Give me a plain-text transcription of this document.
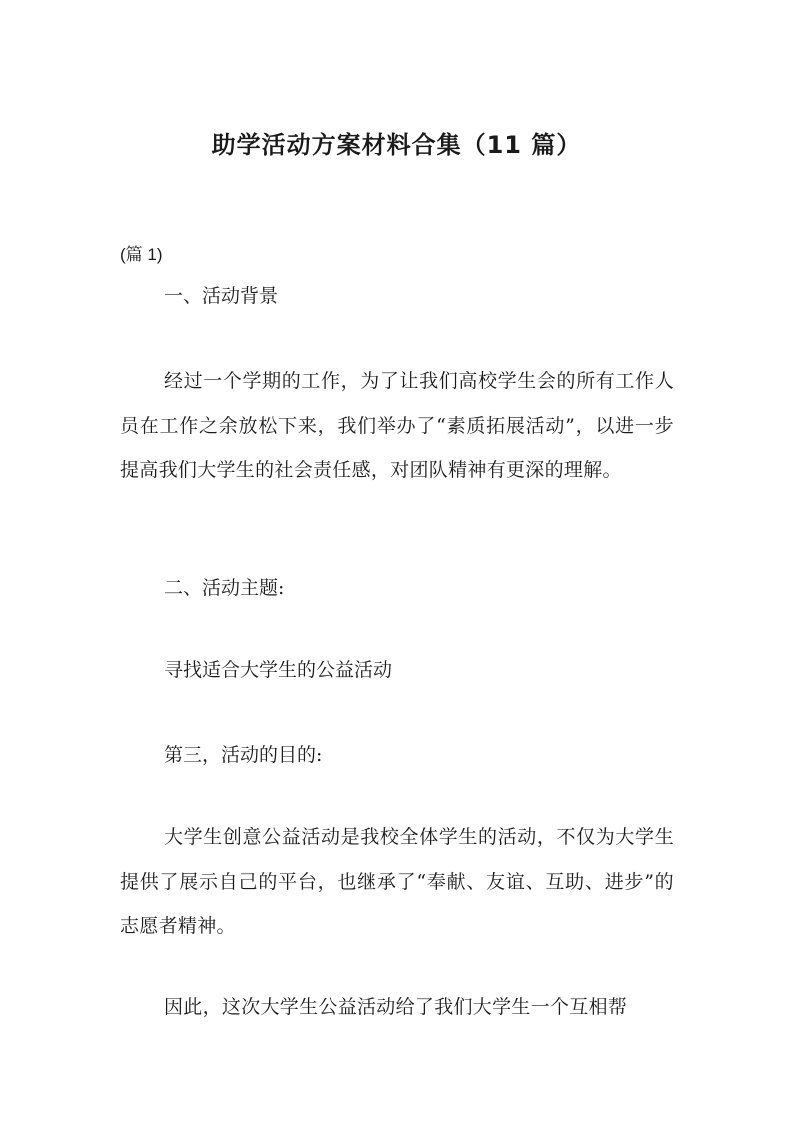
助学活动方案材料合集（11 篇）

(篇 1)

一、活动背景

经过一个学期的工作，为了让我们高校学生会的所有工作人员在工作之余放松下来，我们举办了“素质拓展活动”，以进一步提高我们大学生的社会责任感，对团队精神有更深的理解。

二、活动主题:

寻找适合大学生的公益活动

第三，活动的目的:

大学生创意公益活动是我校全体学生的活动，不仅为大学生提供了展示自己的平台，也继承了“奉献、友谊、互助、进步”的志愿者精神。

因此，这次大学生公益活动给了我们大学生一个互相帮
